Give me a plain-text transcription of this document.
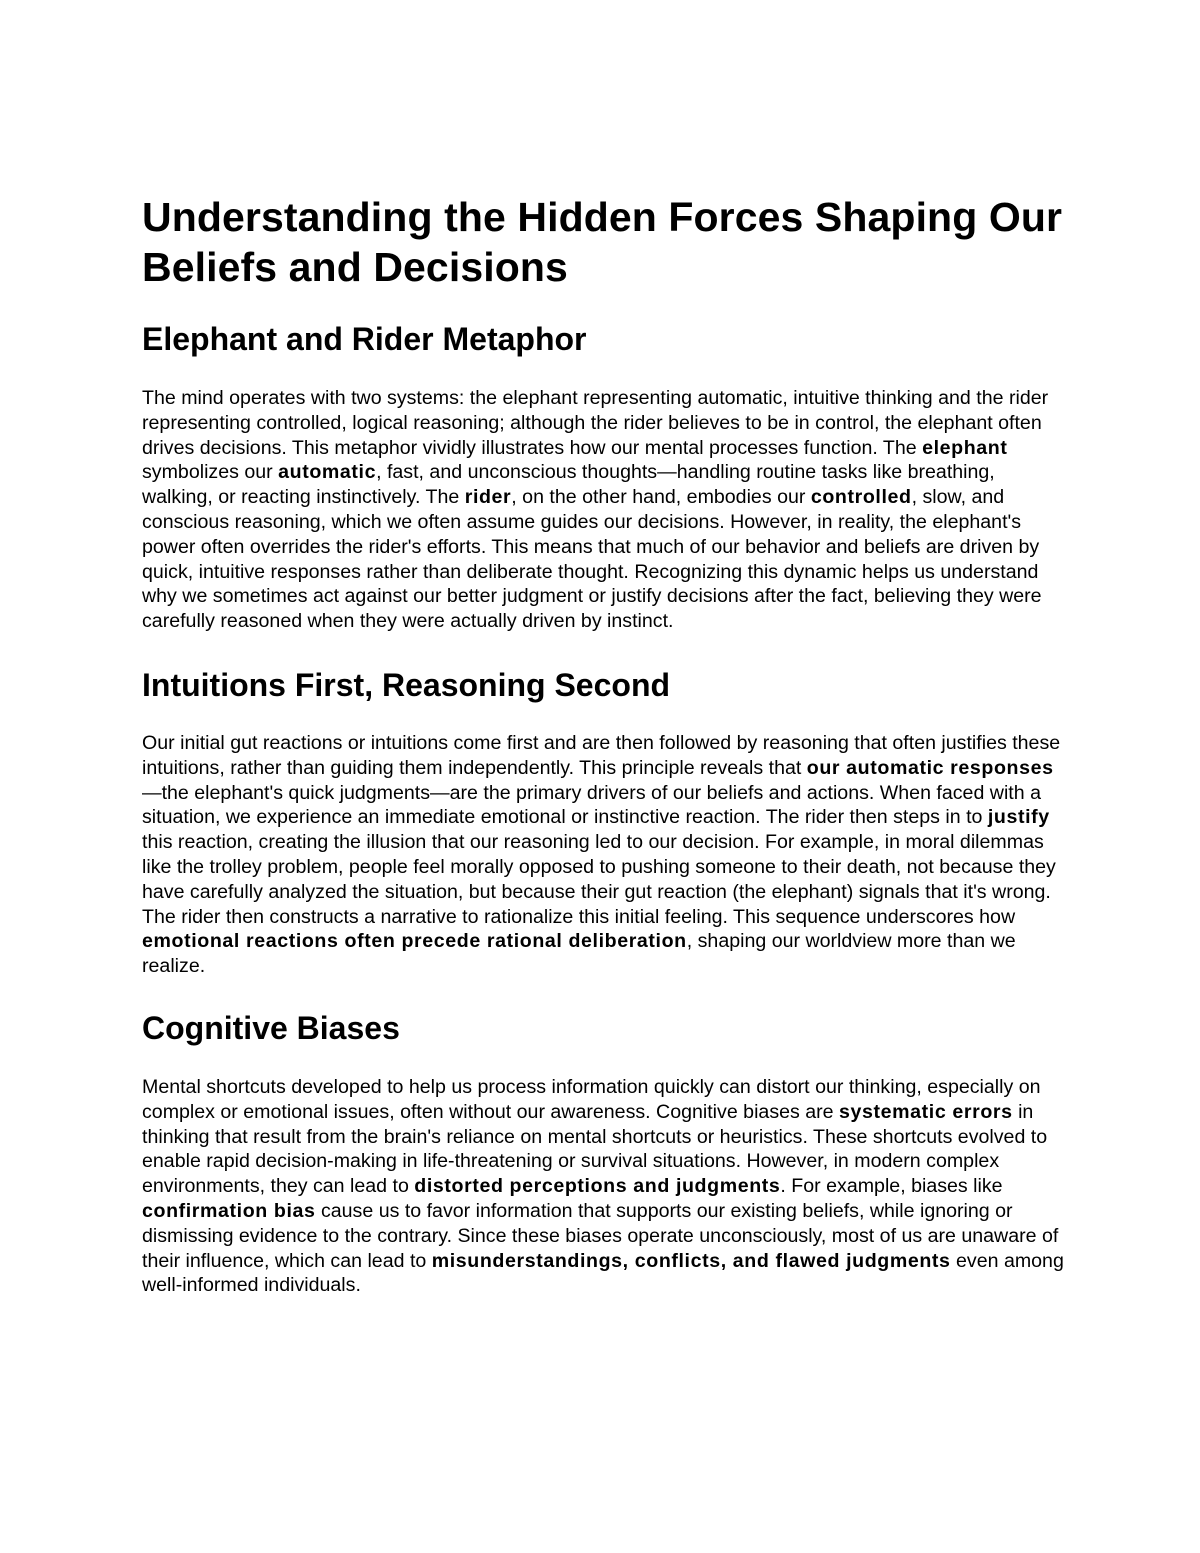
Understanding the Hidden Forces Shaping Our Beliefs and Decisions
Elephant and Rider Metaphor

The mind operates with two systems: the elephant representing automatic, intuitive thinking and the rider representing controlled, logical reasoning; although the rider believes to be in control, the elephant often drives decisions. This metaphor vividly illustrates how our mental processes function. The elephant symbolizes our automatic, fast, and unconscious thoughts—handling routine tasks like breathing, walking, or reacting instinctively. The rider, on the other hand, embodies our controlled, slow, and conscious reasoning, which we often assume guides our decisions. However, in reality, the elephant's power often overrides the rider's efforts. This means that much of our behavior and beliefs are driven by quick, intuitive responses rather than deliberate thought. Recognizing this dynamic helps us understand why we sometimes act against our better judgment or justify decisions after the fact, believing they were carefully reasoned when they were actually driven by instinct.

Intuitions First, Reasoning Second

Our initial gut reactions or intuitions come first and are then followed by reasoning that often justifies these intuitions, rather than guiding them independently. This principle reveals that our automatic responses—the elephant's quick judgments—are the primary drivers of our beliefs and actions. When faced with a situation, we experience an immediate emotional or instinctive reaction. The rider then steps in to justify this reaction, creating the illusion that our reasoning led to our decision. For example, in moral dilemmas like the trolley problem, people feel morally opposed to pushing someone to their death, not because they have carefully analyzed the situation, but because their gut reaction (the elephant) signals that it's wrong. The rider then constructs a narrative to rationalize this initial feeling. This sequence underscores how emotional reactions often precede rational deliberation, shaping our worldview more than we realize.

Cognitive Biases

Mental shortcuts developed to help us process information quickly can distort our thinking, especially on complex or emotional issues, often without our awareness. Cognitive biases are systematic errors in thinking that result from the brain's reliance on mental shortcuts or heuristics. These shortcuts evolved to enable rapid decision-making in life-threatening or survival situations. However, in modern complex environments, they can lead to distorted perceptions and judgments. For example, biases like confirmation bias cause us to favor information that supports our existing beliefs, while ignoring or dismissing evidence to the contrary. Since these biases operate unconsciously, most of us are unaware of their influence, which can lead to misunderstandings, conflicts, and flawed judgments even among well-informed individuals.
